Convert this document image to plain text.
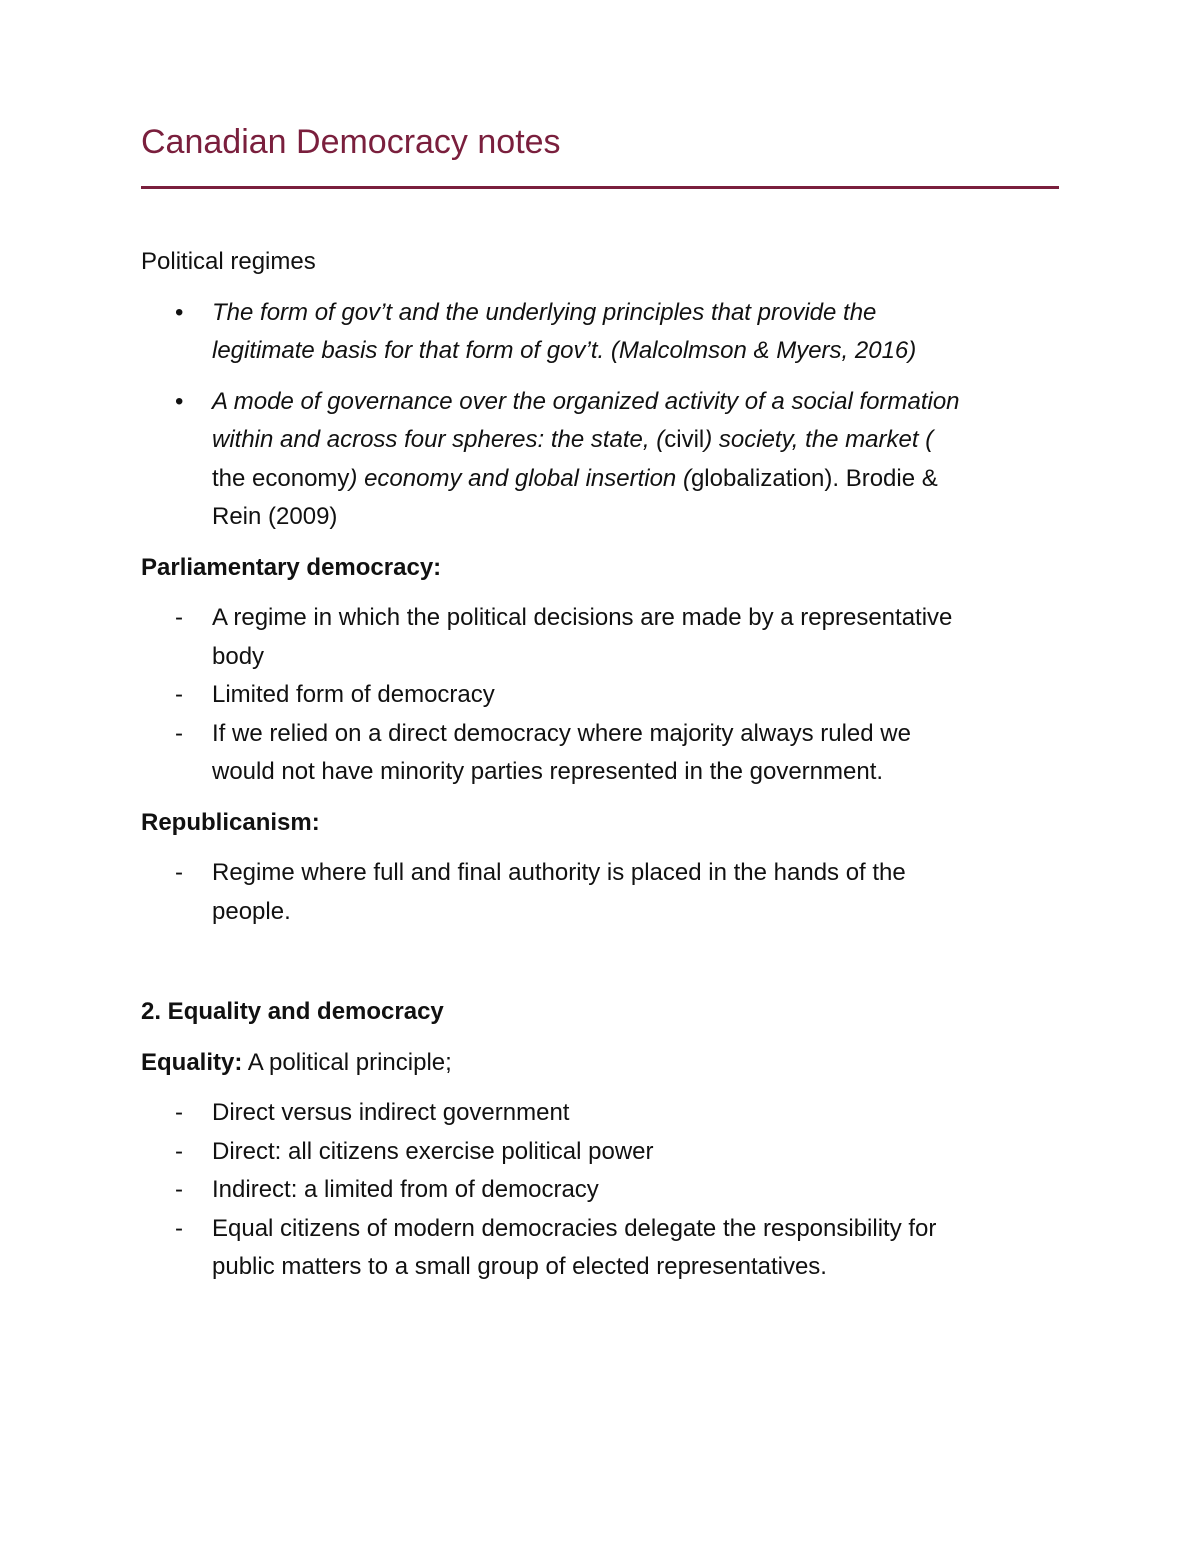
Canadian Democracy notes

Political regimes

• The form of gov’t and the underlying principles that provide the
legitimate basis for that form of gov’t. (Malcolmson & Myers, 2016)
• A mode of governance over the organized activity of a social formation
within and across four spheres: the state, (civil) society, the market (
the economy) economy and global insertion (globalization). Brodie &
Rein (2009)

Parliamentary democracy:

- A regime in which the political decisions are made by a representative
body
- Limited form of democracy
- If we relied on a direct democracy where majority always ruled we
would not have minority parties represented in the government.

Republicanism:

- Regime where full and final authority is placed in the hands of the
people.

2. Equality and democracy

Equality: A political principle;

- Direct versus indirect government
- Direct: all citizens exercise political power
- Indirect: a limited from of democracy
- Equal citizens of modern democracies delegate the responsibility for
public matters to a small group of elected representatives.
